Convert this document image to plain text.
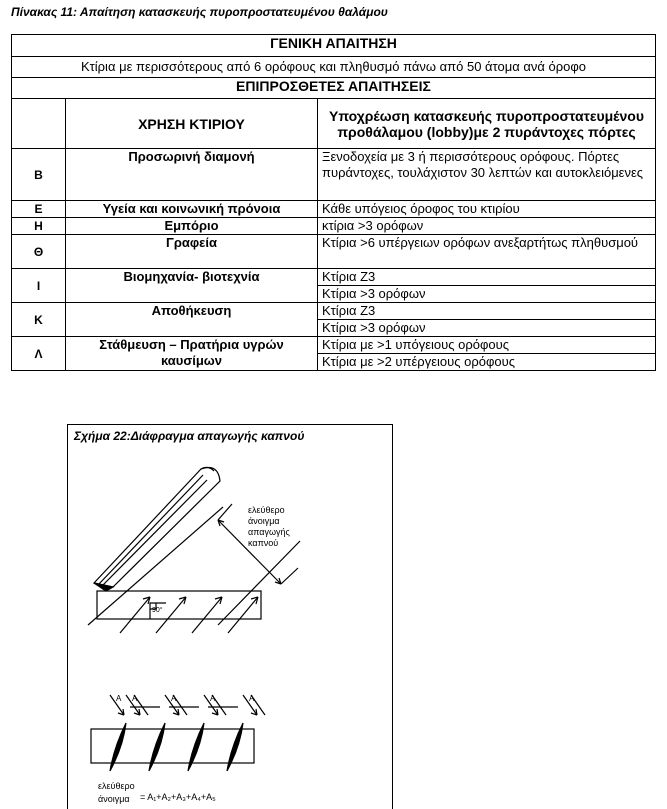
Πίνακας 11: Απαίτηση κατασκευής πυροπροστατευμένου θαλάμου
ΓΕΝΙΚΗ ΑΠΑΙΤΗΣΗ		
Κτίρια με περισσότερους από 6 ορόφους και πληθυσμό πάνω από 50 άτομα ανά όροφο		
ΕΠΙΠΡΟΣΘΕΤΕΣ ΑΠΑΙΤΗΣΕΙΣ		
	ΧΡΗΣΗ ΚΤΙΡΙΟΥ	Υποχρέωση κατασκευής πυροπροστατευμένου προθάλαμου (lobby)με 2 πυράντοχες πόρτες
Β	Προσωρινή διαμονή	Ξενοδοχεία με 3 ή περισσότερους ορόφους. Πόρτες πυράντοχες, τουλάχιστον 30 λεπτών και αυτοκλειόμενες
Ε	Υγεία και κοινωνική πρόνοια	Κάθε υπόγειος όροφος του κτιρίου
Η	Εμπόριο	κτίρια >3 ορόφων
Θ	Γραφεία	Κτίρια >6 υπέργειων ορόφων ανεξαρτήτως πληθυσμού
Ι	Βιομηχανία- βιοτεχνία	Κτίρια Ζ3
		Κτίρια >3 ορόφων
Κ	Αποθήκευση	Κτίρια Ζ3
		Κτίρια >3 ορόφων
Λ	Στάθμευση – Πρατήρια υγρών καυσίμων	Κτίρια με >1 υπόγειους ορόφους
		Κτίρια με >2 υπέργειους ορόφους
ελεύθερο
άνοιγμα
απαγωγής
καπνού
90°
A	A	A	A
A
ελεύθερο
άνοιγμα = A₁+A₂+A₃+A₄+A₅
Σχήμα 22:Διάφραγμα απαγωγής καπνού
